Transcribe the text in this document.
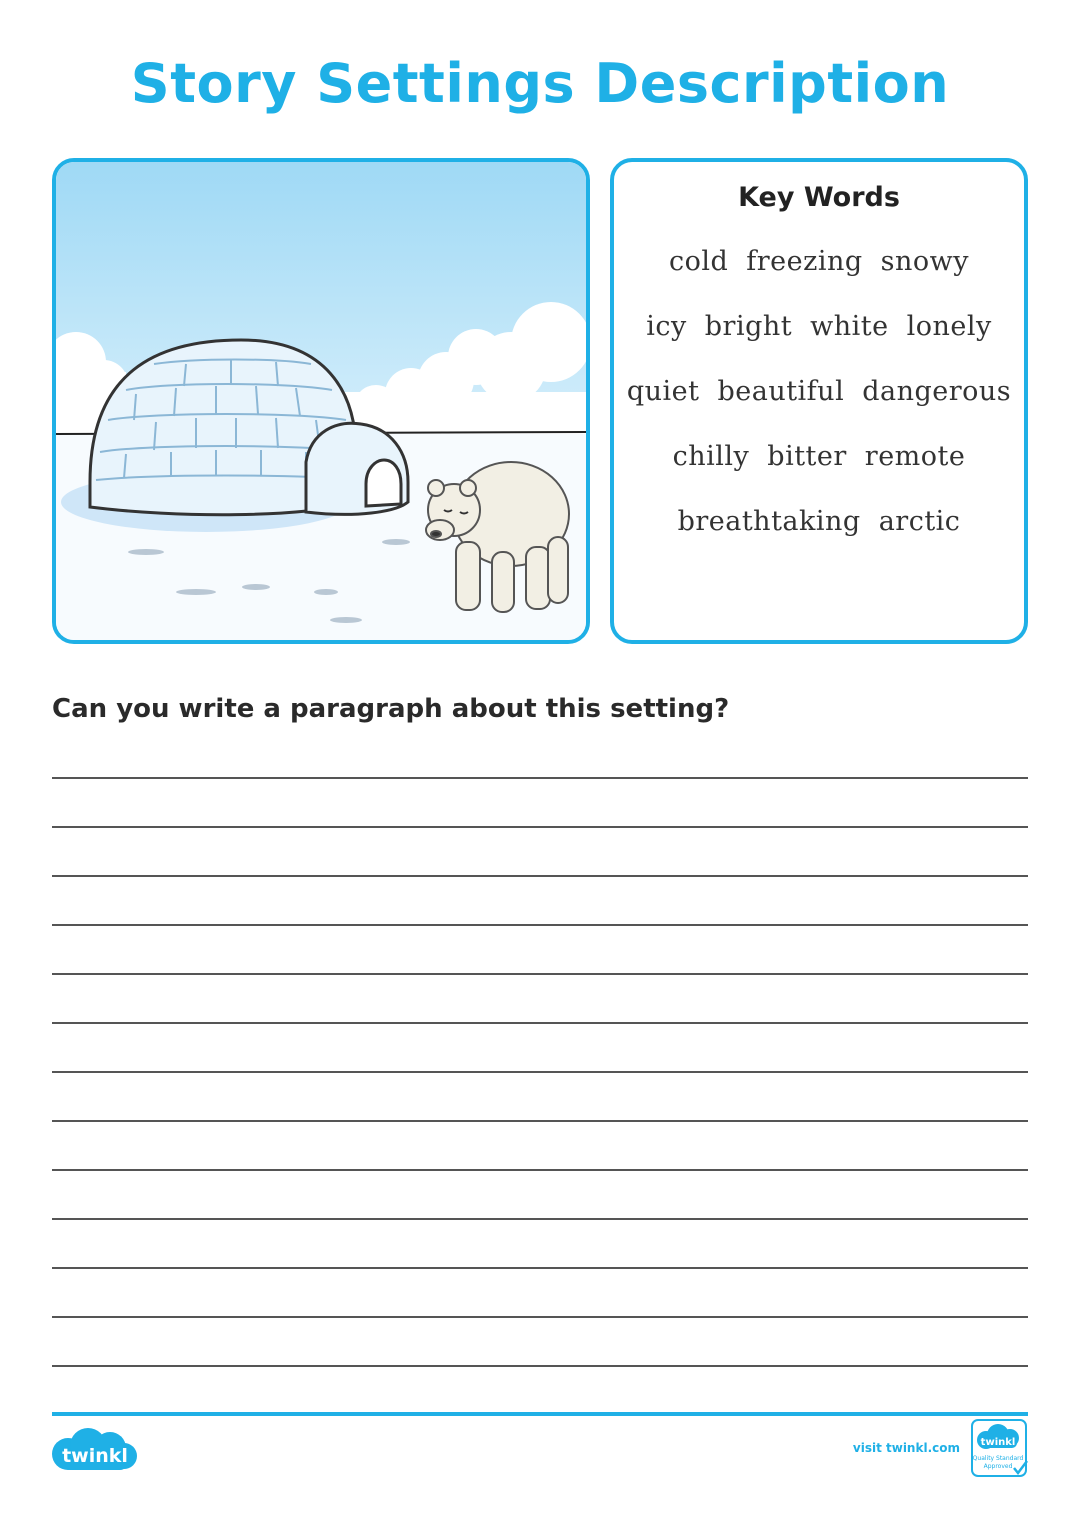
Story Settings Description
Key Words
cold freezing snowy
icy bright white lonely
quiet beautiful dangerous
chilly bitter remote
breathtaking arctic
Can you write a paragraph about this setting?
twinkl	visit twinkl.com twinkl
Quality Standard
Approved
